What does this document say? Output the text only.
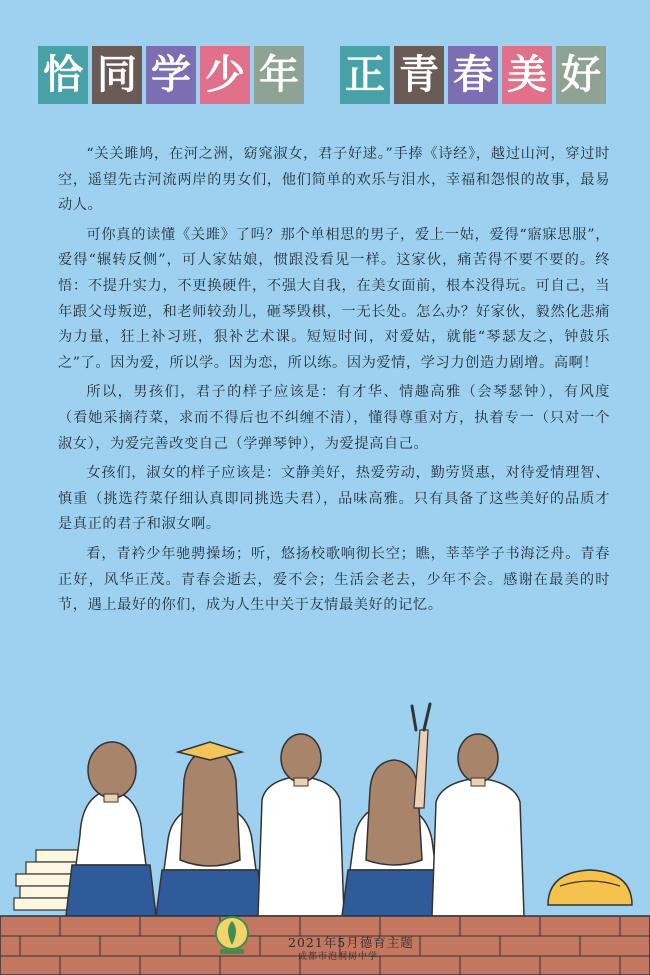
恰 同 学 少 年 正 青 春 美 好

“关关雎鸠，在河之洲，窈窕淑女，君子好逑。”手捧《诗经》，越过山河，穿过时空，遥望先古河流两岸的男女们，他们简单的欢乐与泪水，幸福和怨恨的故事，最易动人。

可你真的读懂《关雎》了吗？那个单相思的男子，爱上一姑，爱得“寤寐思服”，爱得“辗转反侧”，可人家姑娘，惯跟没看见一样。这家伙，痛苦得不要不要的。终悟：不提升实力，不更换硬件，不强大自我，在美女面前，根本没得玩。可自己，当年跟父母叛逆，和老师较劲儿，砸琴毁棋，一无长处。怎么办？好家伙，毅然化悲痛为力量，狂上补习班，狠补艺术课。短短时间，对爱姑，就能“琴瑟友之，钟鼓乐之”了。因为爱，所以学。因为恋，所以练。因为爱情，学习力创造力剧增。高啊！

所以，男孩们，君子的样子应该是：有才华、情趣高雅（会琴瑟钟），有风度（看她采摘荇菜，求而不得后也不纠缠不清），懂得尊重对方，执着专一（只对一个淑女），为爱完善改变自己（学弹琴钟），为爱提高自己。

女孩们，淑女的样子应该是：文静美好，热爱劳动，勤劳贤惠，对待爱情理智、慎重（挑选荇菜仔细认真即同挑选夫君），品味高雅。只有具备了这些美好的品质才是真正的君子和淑女啊。

看，青衿少年驰骋操场；听，悠扬校歌响彻长空；瞧，莘莘学子书海泛舟。青春正好，风华正茂。青春会逝去，爱不会；生活会老去，少年不会。感谢在最美的时节，遇上最好的你们，成为人生中关于友情最美好的记忆。

2021年5月德育主题
成都市泡桐树中学
